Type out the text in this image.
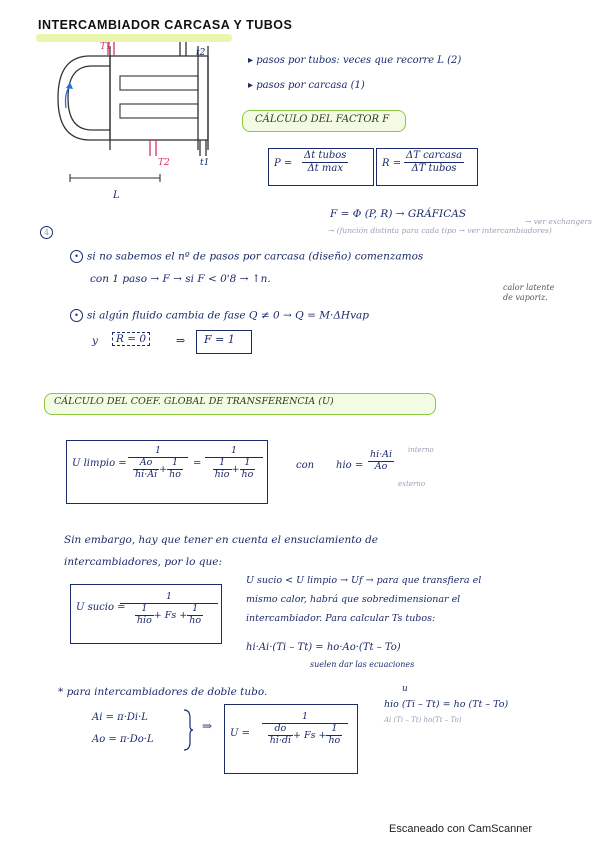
INTERCAMBIADOR CARCASA Y TUBOS
T1
t2
t1
T2
L
▸ pasos por tubos: veces que recorre L (2)
▸ pasos por carcasa (1)
CÁLCULO DEL FACTOR F
$P = \frac{\text{Δt tubos}}{\text{Δt max}}$	$R = \frac{\text{ΔT carcasa}}{\text{ΔT tubos}}$
F = Φ (P, R) → GRÁFICAS
→ (función distinta para cada tipo → ver intercambiadores)
→ ver exchangers
4
• si no sabemos el nº de pasos por carcasa (diseño) comenzamos
con 1 paso → F → si F < 0'8 → ↑n.
calor latente
de vaporiz.
• si algún fluido cambia de fase Q ≠ 0 → Q = M·ΔHvap
y	R = 0	⇒ F = 1
CÁLCULO DEL COEF. GLOBAL DE TRANSFERENCIA (U)
U limpio = $\frac{1}{\frac{Ao}{hi\cdot Ai} + \frac{1}{ho}} = \frac{1}{\frac{1}{\text{hio}} + \frac{1}{ho}}$	con hio = $\frac{hi\cdot Ai}{Ao}$ interno
externo
Sin embargo, hay que tener en cuenta el ensuciamiento de
intercambiadores, por lo que:
U sucio =
$\frac{1}{\frac{1}{\text{hio}} + Fs + \frac{1}{ho}}$
U sucio < U limpio → Uf → para que transfiera el
mismo calor, habrá que sobredimensionar el
intercambiador. Para calcular Ts tubos:
hi·Ai·(Ti – Tt) = ho·Ao·(Tt – To)
suelen dar las ecuaciones
* para intercambiadores de doble tubo.	u
Ai = π·Di·L
Ao = π·Do·L
⇒
$U = \frac{1}{\frac{do}{hi\cdot di} + Fs + \frac{1}{ho}}$
hio (Ti – Tt) = ho (Tt – To)
Ai (Ti – Tt) ho(Tt – To)
Escaneado con CamScanner
